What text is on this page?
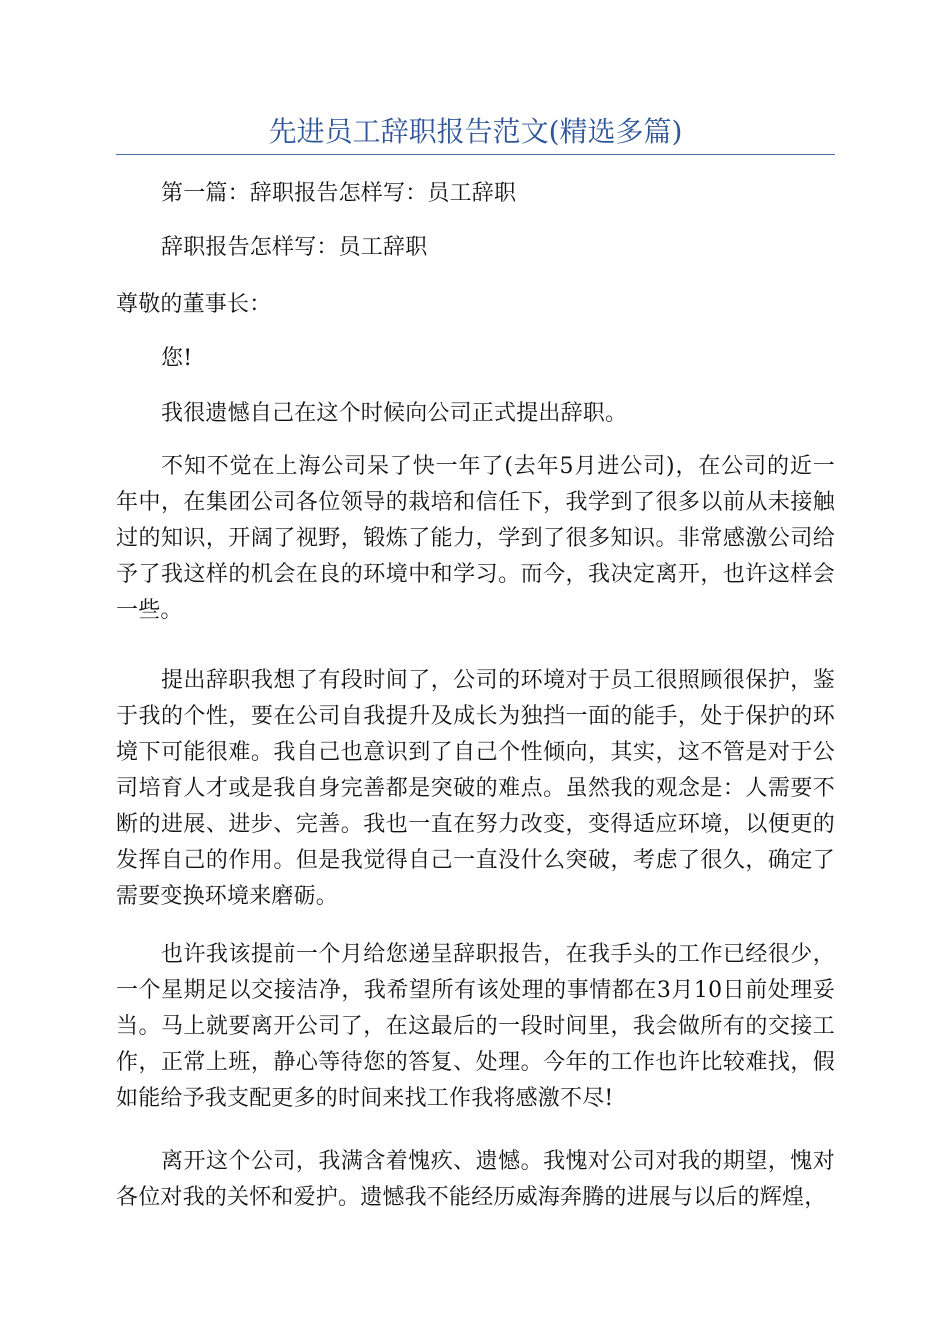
先进员工辞职报告范文(精选多篇)

第一篇：辞职报告怎样写：员工辞职

辞职报告怎样写：员工辞职

尊敬的董事长：

您!

我很遗憾自己在这个时候向公司正式提出辞职。

不知不觉在上海公司呆了快一年了(去年5月进公司)，在公司的近一年中，在集团公司各位领导的栽培和信任下，我学到了很多以前从未接触过的知识，开阔了视野，锻炼了能力，学到了很多知识。非常感激公司给予了我这样的机会在良的环境中和学习。而今，我决定离开，也许这样会一些。

提出辞职我想了有段时间了，公司的环境对于员工很照顾很保护，鉴于我的个性，要在公司自我提升及成长为独挡一面的能手，处于保护的环境下可能很难。我自己也意识到了自己个性倾向，其实，这不管是对于公司培育人才或是我自身完善都是突破的难点。虽然我的观念是：人需要不断的进展、进步、完善。我也一直在努力改变，变得适应环境，以便更的发挥自己的作用。但是我觉得自己一直没什么突破，考虑了很久，确定了需要变换环境来磨砺。

也许我该提前一个月给您递呈辞职报告，在我手头的工作已经很少，一个星期足以交接洁净，我希望所有该处理的事情都在3月10日前处理妥当。马上就要离开公司了，在这最后的一段时间里，我会做所有的交接工作，正常上班，静心等待您的答复、处理。今年的工作也许比较难找，假如能给予我支配更多的时间来找工作我将感激不尽!

离开这个公司，我满含着愧疚、遗憾。我愧对公司对我的期望，愧对各位对我的关怀和爱护。遗憾我不能经历威海奔腾的进展与以后的辉煌，
